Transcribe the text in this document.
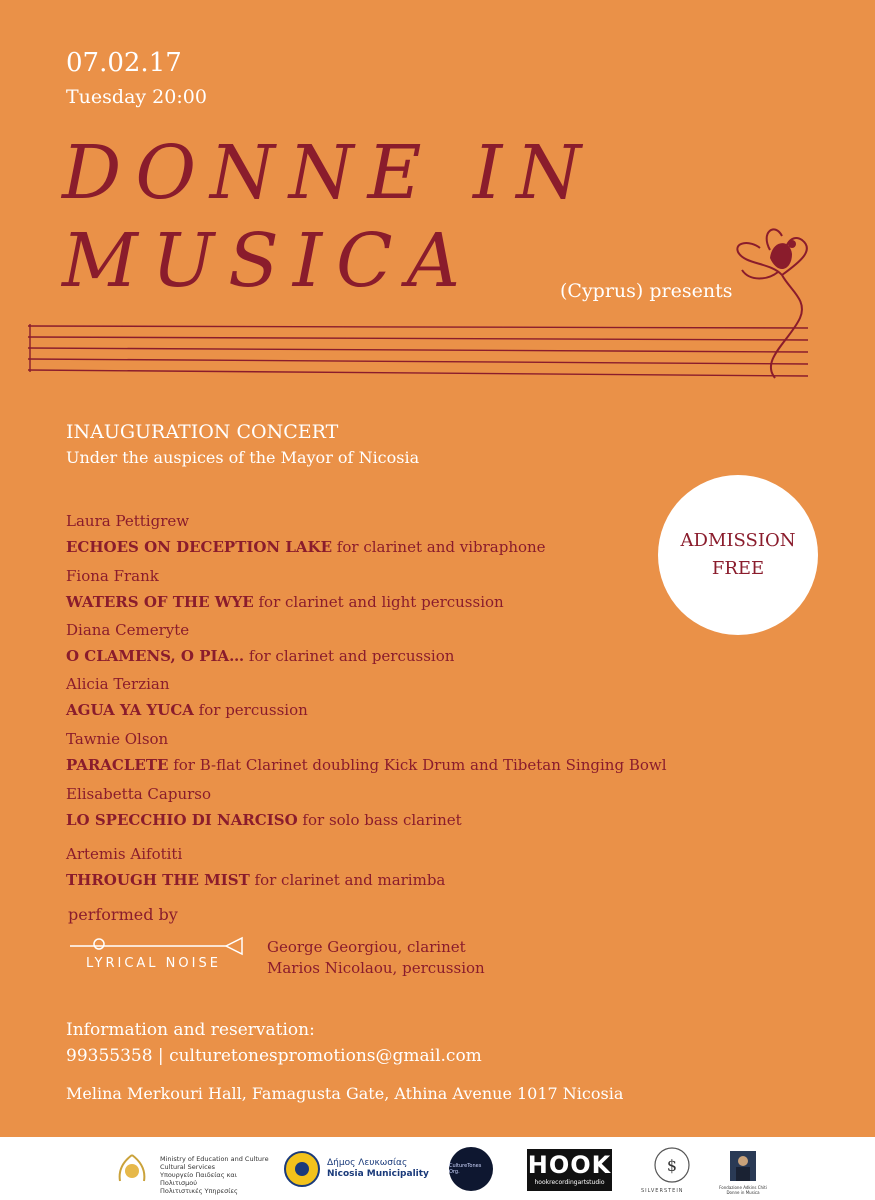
07.02.17
Tuesday 20:00
DONNE IN
MUSICA	(Cyprus) presents
INAUGURATION CONCERT
Under the auspices of the Mayor of Nicosia
ADMISSION
FREE
Laura Pettigrew
ECHOES ON DECEPTION LAKE for clarinet and vibraphone
Fiona Frank
WATERS OF THE WYE for clarinet and light percussion
Diana Cemeryte
O CLAMENS, O PIA… for clarinet and percussion
Alicia Terzian
AGUA YA YUCA for percussion
Tawnie Olson
PARACLETE for B-flat Clarinet doubling Kick Drum and Tibetan Singing Bowl
Elisabetta Capurso
LO SPECCHIO DI NARCISO for solo bass clarinet
Artemis Aifotiti
THROUGH THE MIST for clarinet and marimba
performed by
LYRICAL NOISE
George Georgiou, clarinet
Marios Nicolaou, percussion
Information and reservation:
99355358 | culturetonespromotions@gmail.com
Melina Merkouri Hall, Famagusta Gate, Athina Avenue 1017 Nicosia
Ministry of Education and Culture
Cultural Services
Υπουργείο Παιδείας και Πολιτισμού
Πολιτιστικές Υπηρεσίες
Δήμος Λευκωσίας
Nicosia Municipality
CultureTones Org.	HOOK
hookrecordingartstudio
$
SILVERSTEIN
Fondazione Adkins Chiti
Donne in Musica
